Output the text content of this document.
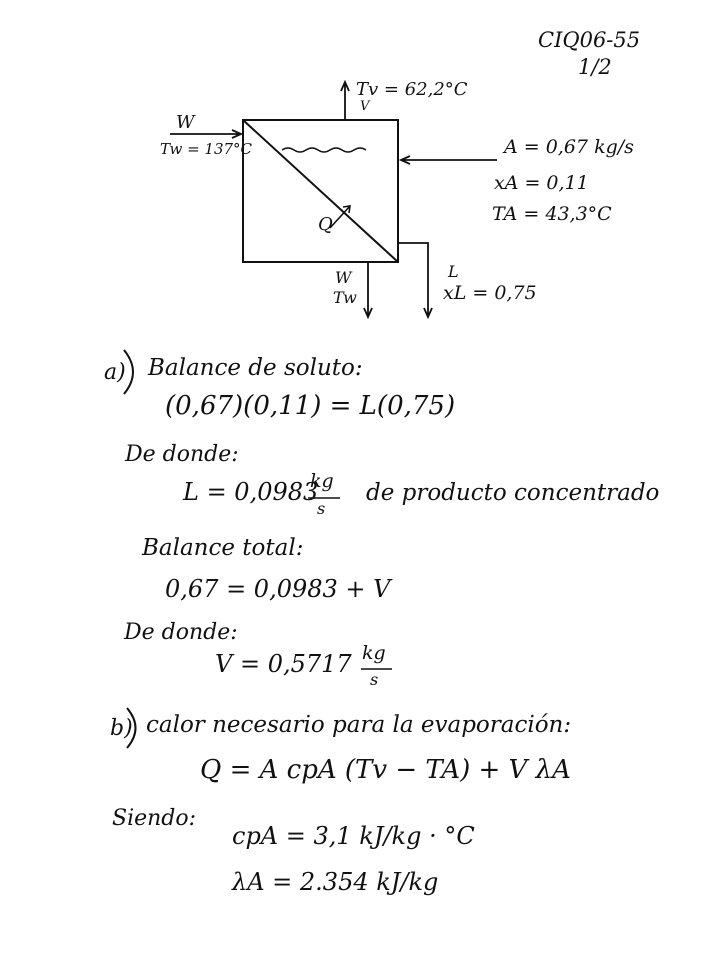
CIQ06-55
1/2
Tv = 62,2°C
V
W
Tw = 137°C	A = 0,67 kg/s
xA = 0,11
TA = 43,3°C
Q
W
Tw
L
xL = 0,75
a) Balance de soluto:
(0,67)(0,11) = L(0,75)
De donde:
L = 0,0983
kg
s
de producto concentrado
Balance total:
0,67 = 0,0983 + V
De donde:
V = 0,5717 kg
s
b) calor necesario para la evaporación:
Q = A cpA (Tv − TA) + V λA
Siendo:
cpA = 3,1 kJ/kg · °C
λA = 2.354 kJ/kg
